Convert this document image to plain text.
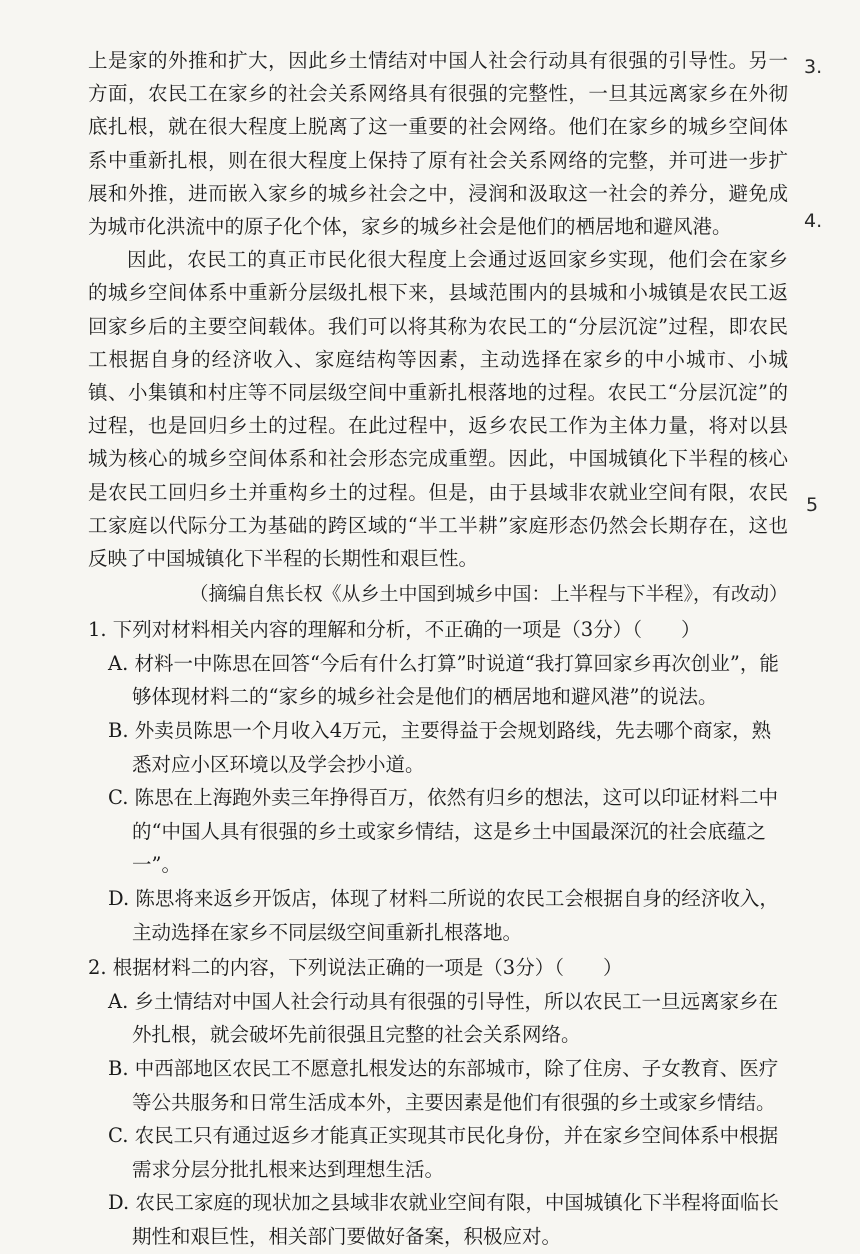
上是家的外推和扩大，因此乡土情结对中国人社会行动具有很强的引导性。另一方面，农民工在家乡的社会关系网络具有很强的完整性，一旦其远离家乡在外彻底扎根，就在很大程度上脱离了这一重要的社会网络。他们在家乡的城乡空间体系中重新扎根，则在很大程度上保持了原有社会关系网络的完整，并可进一步扩展和外推，进而嵌入家乡的城乡社会之中，浸润和汲取这一社会的养分，避免成为城市化洪流中的原子化个体，家乡的城乡社会是他们的栖居地和避风港。

因此，农民工的真正市民化很大程度上会通过返回家乡实现，他们会在家乡的城乡空间体系中重新分层级扎根下来，县域范围内的县城和小城镇是农民工返回家乡后的主要空间载体。我们可以将其称为农民工的“分层沉淀”过程，即农民工根据自身的经济收入、家庭结构等因素，主动选择在家乡的中小城市、小城镇、小集镇和村庄等不同层级空间中重新扎根落地的过程。农民工“分层沉淀”的过程，也是回归乡土的过程。在此过程中，返乡农民工作为主体力量，将对以县城为核心的城乡空间体系和社会形态完成重塑。因此，中国城镇化下半程的核心是农民工回归乡土并重构乡土的过程。但是，由于县域非农就业空间有限，农民工家庭以代际分工为基础的跨区域的“半工半耕”家庭形态仍然会长期存在，这也反映了中国城镇化下半程的长期性和艰巨性。

（摘编自焦长权《从乡土中国到城乡中国：上半程与下半程》，有改动）

1. 下列对材料相关内容的理解和分析，不正确的一项是（3分）（　　）
A. 材料一中陈思在回答“今后有什么打算”时说道“我打算回家乡再次创业”，能够体现材料二的“家乡的城乡社会是他们的栖居地和避风港”的说法。
B. 外卖员陈思一个月收入4万元，主要得益于会规划路线，先去哪个商家，熟悉对应小区环境以及学会抄小道。
C. 陈思在上海跑外卖三年挣得百万，依然有归乡的想法，这可以印证材料二中的“中国人具有很强的乡土或家乡情结，这是乡土中国最深沉的社会底蕴之一”。
D. 陈思将来返乡开饭店，体现了材料二所说的农民工会根据自身的经济收入，主动选择在家乡不同层级空间重新扎根落地。
2. 根据材料二的内容，下列说法正确的一项是（3分）（　　）
A. 乡土情结对中国人社会行动具有很强的引导性，所以农民工一旦远离家乡在外扎根，就会破坏先前很强且完整的社会关系网络。
B. 中西部地区农民工不愿意扎根发达的东部城市，除了住房、子女教育、医疗等公共服务和日常生活成本外，主要因素是他们有很强的乡土或家乡情结。
C. 农民工只有通过返乡才能真正实现其市民化身份，并在家乡空间体系中根据需求分层分批扎根来达到理想生活。
D. 农民工家庭的现状加之县域非农就业空间有限，中国城镇化下半程将面临长期性和艰巨性，相关部门要做好备案，积极应对。
3.
4.
5
